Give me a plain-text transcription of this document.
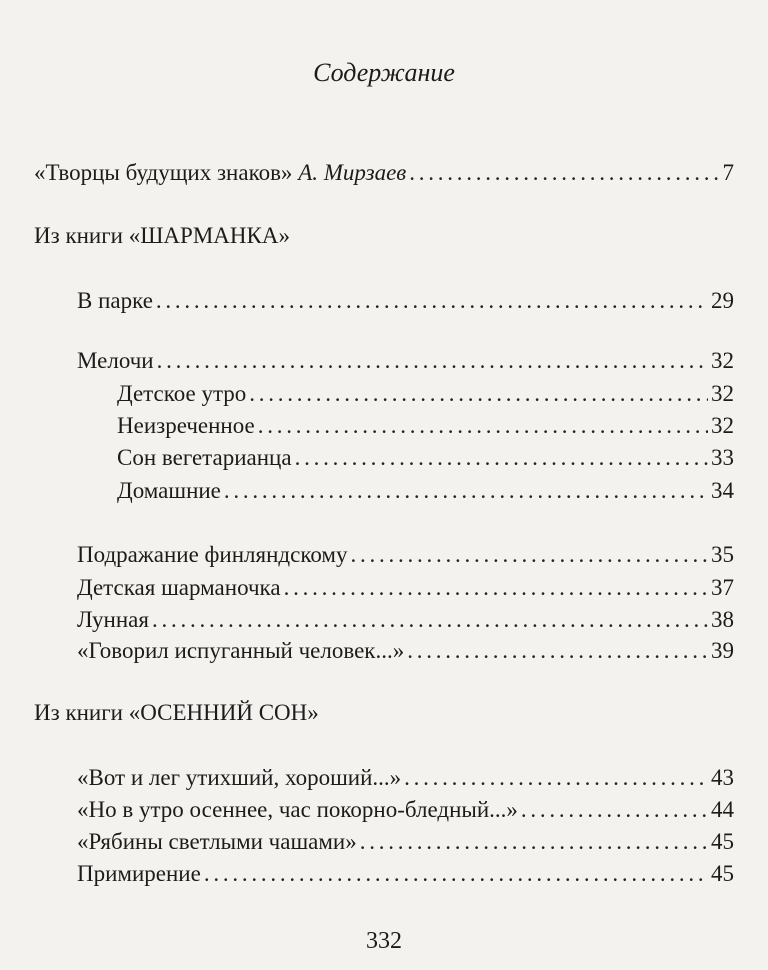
Содержание
«Творцы будущих знаков» А. Мирзаев . . .	7
Из книги «ШАРМАНКА»
В парке . . .	29
Мелочи . . .	32
Детское утро . . .	32
Неизреченное . . .	32
Сон вегетарианца . . .	33
Домашние . . .	34
Подражание финляндскому . . .	35
Детская шарманочка . . .	37
Лунная . . .	38
«Говорил испуганный человек...» . . .	39
Из книги «ОСЕННИЙ СОН»
«Вот и лег утихший, хороший...» . . .	43
«Но в утро осеннее, час покорно-бледный...» . . .	44
«Рябины светлыми чашами» . . .	45
Примирение . . .	45
332
